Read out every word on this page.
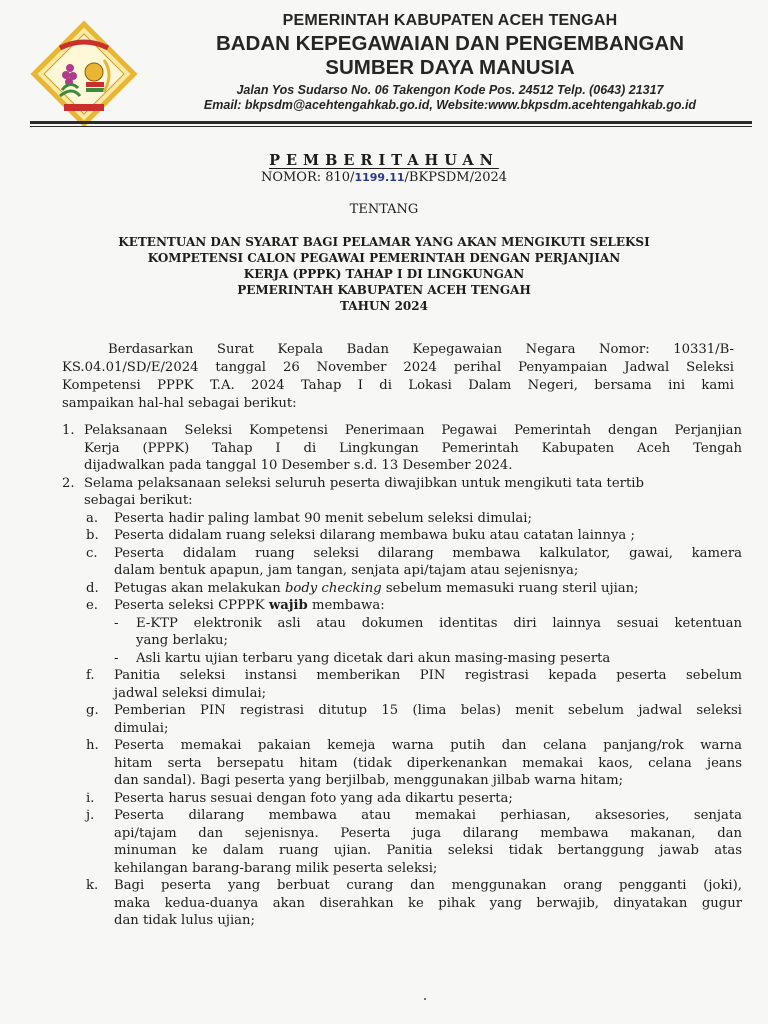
PEMERINTAH KABUPATEN ACEH TENGAH
BADAN KEPEGAWAIAN DAN PENGEMBANGAN
SUMBER DAYA MANUSIA
Jalan Yos Sudarso No. 06 Takengon Kode Pos. 24512 Telp. (0643) 21317
Email: bkpsdm@acehtengahkab.go.id, Website:www.bkpsdm.acehtengahkab.go.id
PEMBERITAHUAN
NOMOR: 810/1199.11/BKPSDM/2024
TENTANG
KETENTUAN DAN SYARAT BAGI PELAMAR YANG AKAN MENGIKUTI SELEKSI
KOMPETENSI CALON PEGAWAI PEMERINTAH DENGAN PERJANJIAN
KERJA (PPPK) TAHAP I DI LINGKUNGAN
PEMERINTAH KABUPATEN ACEH TENGAH
TAHUN 2024
Berdasarkan Surat Kepala Badan Kepegawaian Negara Nomor: 10331/B-
KS.04.01/SD/E/2024 tanggal 26 November 2024 perihal Penyampaian Jadwal Seleksi
Kompetensi PPPK T.A. 2024 Tahap I di Lokasi Dalam Negeri, bersama ini kami
sampaikan hal-hal sebagai berikut:
1. Pelaksanaan Seleksi Kompetensi Penerimaan Pegawai Pemerintah dengan Perjanjian
Kerja (PPPK) Tahap I di Lingkungan Pemerintah Kabupaten Aceh Tengah
dijadwalkan pada tanggal 10 Desember s.d. 13 Desember 2024.
2. Selama pelaksanaan seleksi seluruh peserta diwajibkan untuk mengikuti tata tertib
sebagai berikut:
a. Peserta hadir paling lambat 90 menit sebelum seleksi dimulai;
b. Peserta didalam ruang seleksi dilarang membawa buku atau catatan lainnya ;
c. Peserta didalam ruang seleksi dilarang membawa kalkulator, gawai, kamera
dalam bentuk apapun, jam tangan, senjata api/tajam atau sejenisnya;
d. Petugas akan melakukan body checking sebelum memasuki ruang steril ujian;
e. Peserta seleksi CPPPK wajib membawa:
- E-KTP elektronik asli atau dokumen identitas diri lainnya sesuai ketentuan
yang berlaku;
- Asli kartu ujian terbaru yang dicetak dari akun masing-masing peserta
f. Panitia seleksi instansi memberikan PIN registrasi kepada peserta sebelum
jadwal seleksi dimulai;
g. Pemberian PIN registrasi ditutup 15 (lima belas) menit sebelum jadwal seleksi
dimulai;
h. Peserta memakai pakaian kemeja warna putih dan celana panjang/rok warna
hitam serta bersepatu hitam (tidak diperkenankan memakai kaos, celana jeans
dan sandal). Bagi peserta yang berjilbab, menggunakan jilbab warna hitam;
i. Peserta harus sesuai dengan foto yang ada dikartu peserta;
j. Peserta dilarang membawa atau memakai perhiasan, aksesories, senjata
api/tajam dan sejenisnya. Peserta juga dilarang membawa makanan, dan
minuman ke dalam ruang ujian. Panitia seleksi tidak bertanggung jawab atas
kehilangan barang-barang milik peserta seleksi;
k. Bagi peserta yang berbuat curang dan menggunakan orang pengganti (joki),
maka kedua-duanya akan diserahkan ke pihak yang berwajib, dinyatakan gugur
dan tidak lulus ujian;
